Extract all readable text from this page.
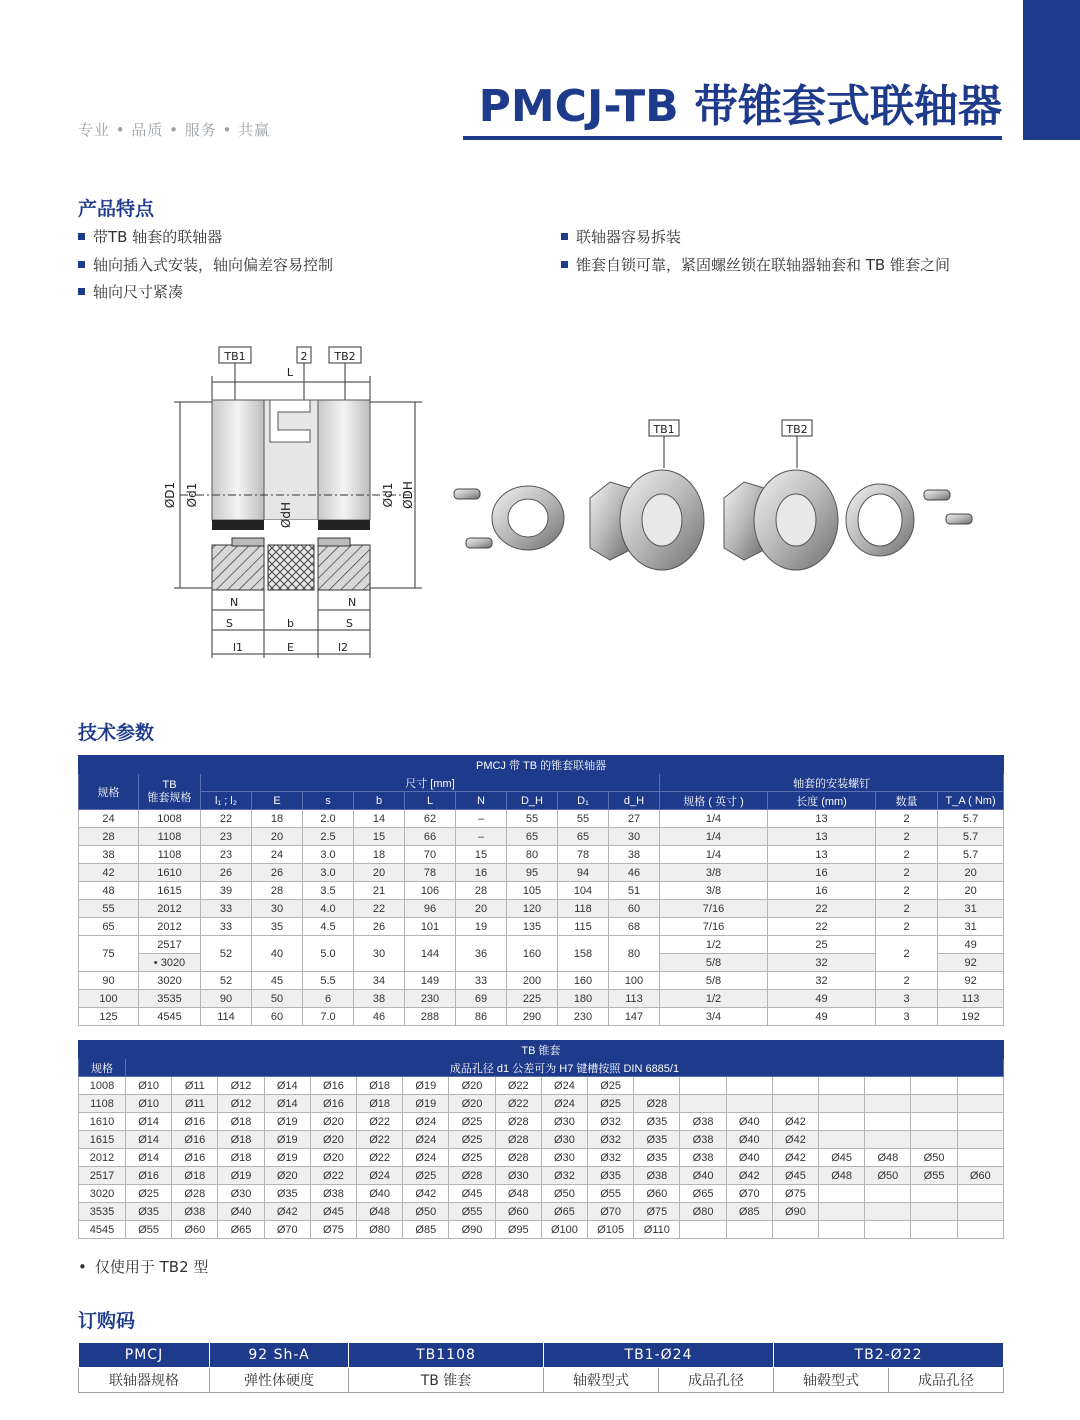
专业 • 品质 • 服务 • 共赢	PMCJ-TB 带锥套式联轴器
产品特点
带TB 轴套的联轴器
轴向插入式安装，轴向偏差容易控制
轴向尺寸紧凑
联轴器容易拆装
锥套自锁可靠，紧固螺丝锁在联轴器轴套和 TB 锥套之间
TB1	2 TB2
L
ØD1 Ød1
ØdH
Ød1 ØDH
N	N
S	b	S
l1	E	l2
TB1	TB2
技术参数
PMCJ 带 TB 的锥套联轴器														
规格	TB
锥套规格	尺寸 [mm]									轴套的安装螺钉			
		l₁ ; l₂	E	s	b	L	N	D_H	D₁	d_H	规格 ( 英寸 )	长度 (mm)	数量	T_A ( Nm)
24	1008	22	18	2.0	14	62	–	55	55	27	1/4	13	2	5.7
28	1108	23	20	2.5	15	66	–	65	65	30	1/4	13	2	5.7
38	1108	23	24	3.0	18	70	15	80	78	38	1/4	13	2	5.7
42	1610	26	26	3.0	20	78	16	95	94	46	3/8	16	2	20
48	1615	39	28	3.5	21	106	28	105	104	51	3/8	16	2	20
55	2012	33	30	4.0	22	96	20	120	118	60	7/16	22	2	31
65	2012	33	35	4.5	26	101	19	135	115	68	7/16	22	2	31
75	2517	52	40	5.0	30	144	36	160	158	80	1/2	25	2	49
	• 3020										5/8	32		92
90	3020	52	45	5.5	34	149	33	200	160	100	5/8	32	2	92
100	3535	90	50	6	38	230	69	225	180	113	1/2	49	3	113
125	4545	114	60	7.0	46	288	86	290	230	147	3/4	49	3	192
TB 锥套																			
规格	成品孔径 d1 公差可为 H7 键槽按照 DIN 6885/1																		
1008	Ø10	Ø11	Ø12	Ø14	Ø16	Ø18	Ø19	Ø20	Ø22	Ø24	Ø25								
1108	Ø10	Ø11	Ø12	Ø14	Ø16	Ø18	Ø19	Ø20	Ø22	Ø24	Ø25	Ø28							
1610	Ø14	Ø16	Ø18	Ø19	Ø20	Ø22	Ø24	Ø25	Ø28	Ø30	Ø32	Ø35	Ø38	Ø40	Ø42				
1615	Ø14	Ø16	Ø18	Ø19	Ø20	Ø22	Ø24	Ø25	Ø28	Ø30	Ø32	Ø35	Ø38	Ø40	Ø42				
2012	Ø14	Ø16	Ø18	Ø19	Ø20	Ø22	Ø24	Ø25	Ø28	Ø30	Ø32	Ø35	Ø38	Ø40	Ø42	Ø45	Ø48	Ø50	
2517	Ø16	Ø18	Ø19	Ø20	Ø22	Ø24	Ø25	Ø28	Ø30	Ø32	Ø35	Ø38	Ø40	Ø42	Ø45	Ø48	Ø50	Ø55	Ø60
3020	Ø25	Ø28	Ø30	Ø35	Ø38	Ø40	Ø42	Ø45	Ø48	Ø50	Ø55	Ø60	Ø65	Ø70	Ø75				
3535	Ø35	Ø38	Ø40	Ø42	Ø45	Ø48	Ø50	Ø55	Ø60	Ø65	Ø70	Ø75	Ø80	Ø85	Ø90				
4545	Ø55	Ø60	Ø65	Ø70	Ø75	Ø80	Ø85	Ø90	Ø95	Ø100	Ø105	Ø110							
• 仅使用于 TB2 型
订购码
PMCJ	92 Sh-A	TB1108	TB1-Ø24		TB2-Ø22	
联轴器规格	弹性体硬度	TB 锥套	轴毂型式	成品孔径	轴毂型式	成品孔径
